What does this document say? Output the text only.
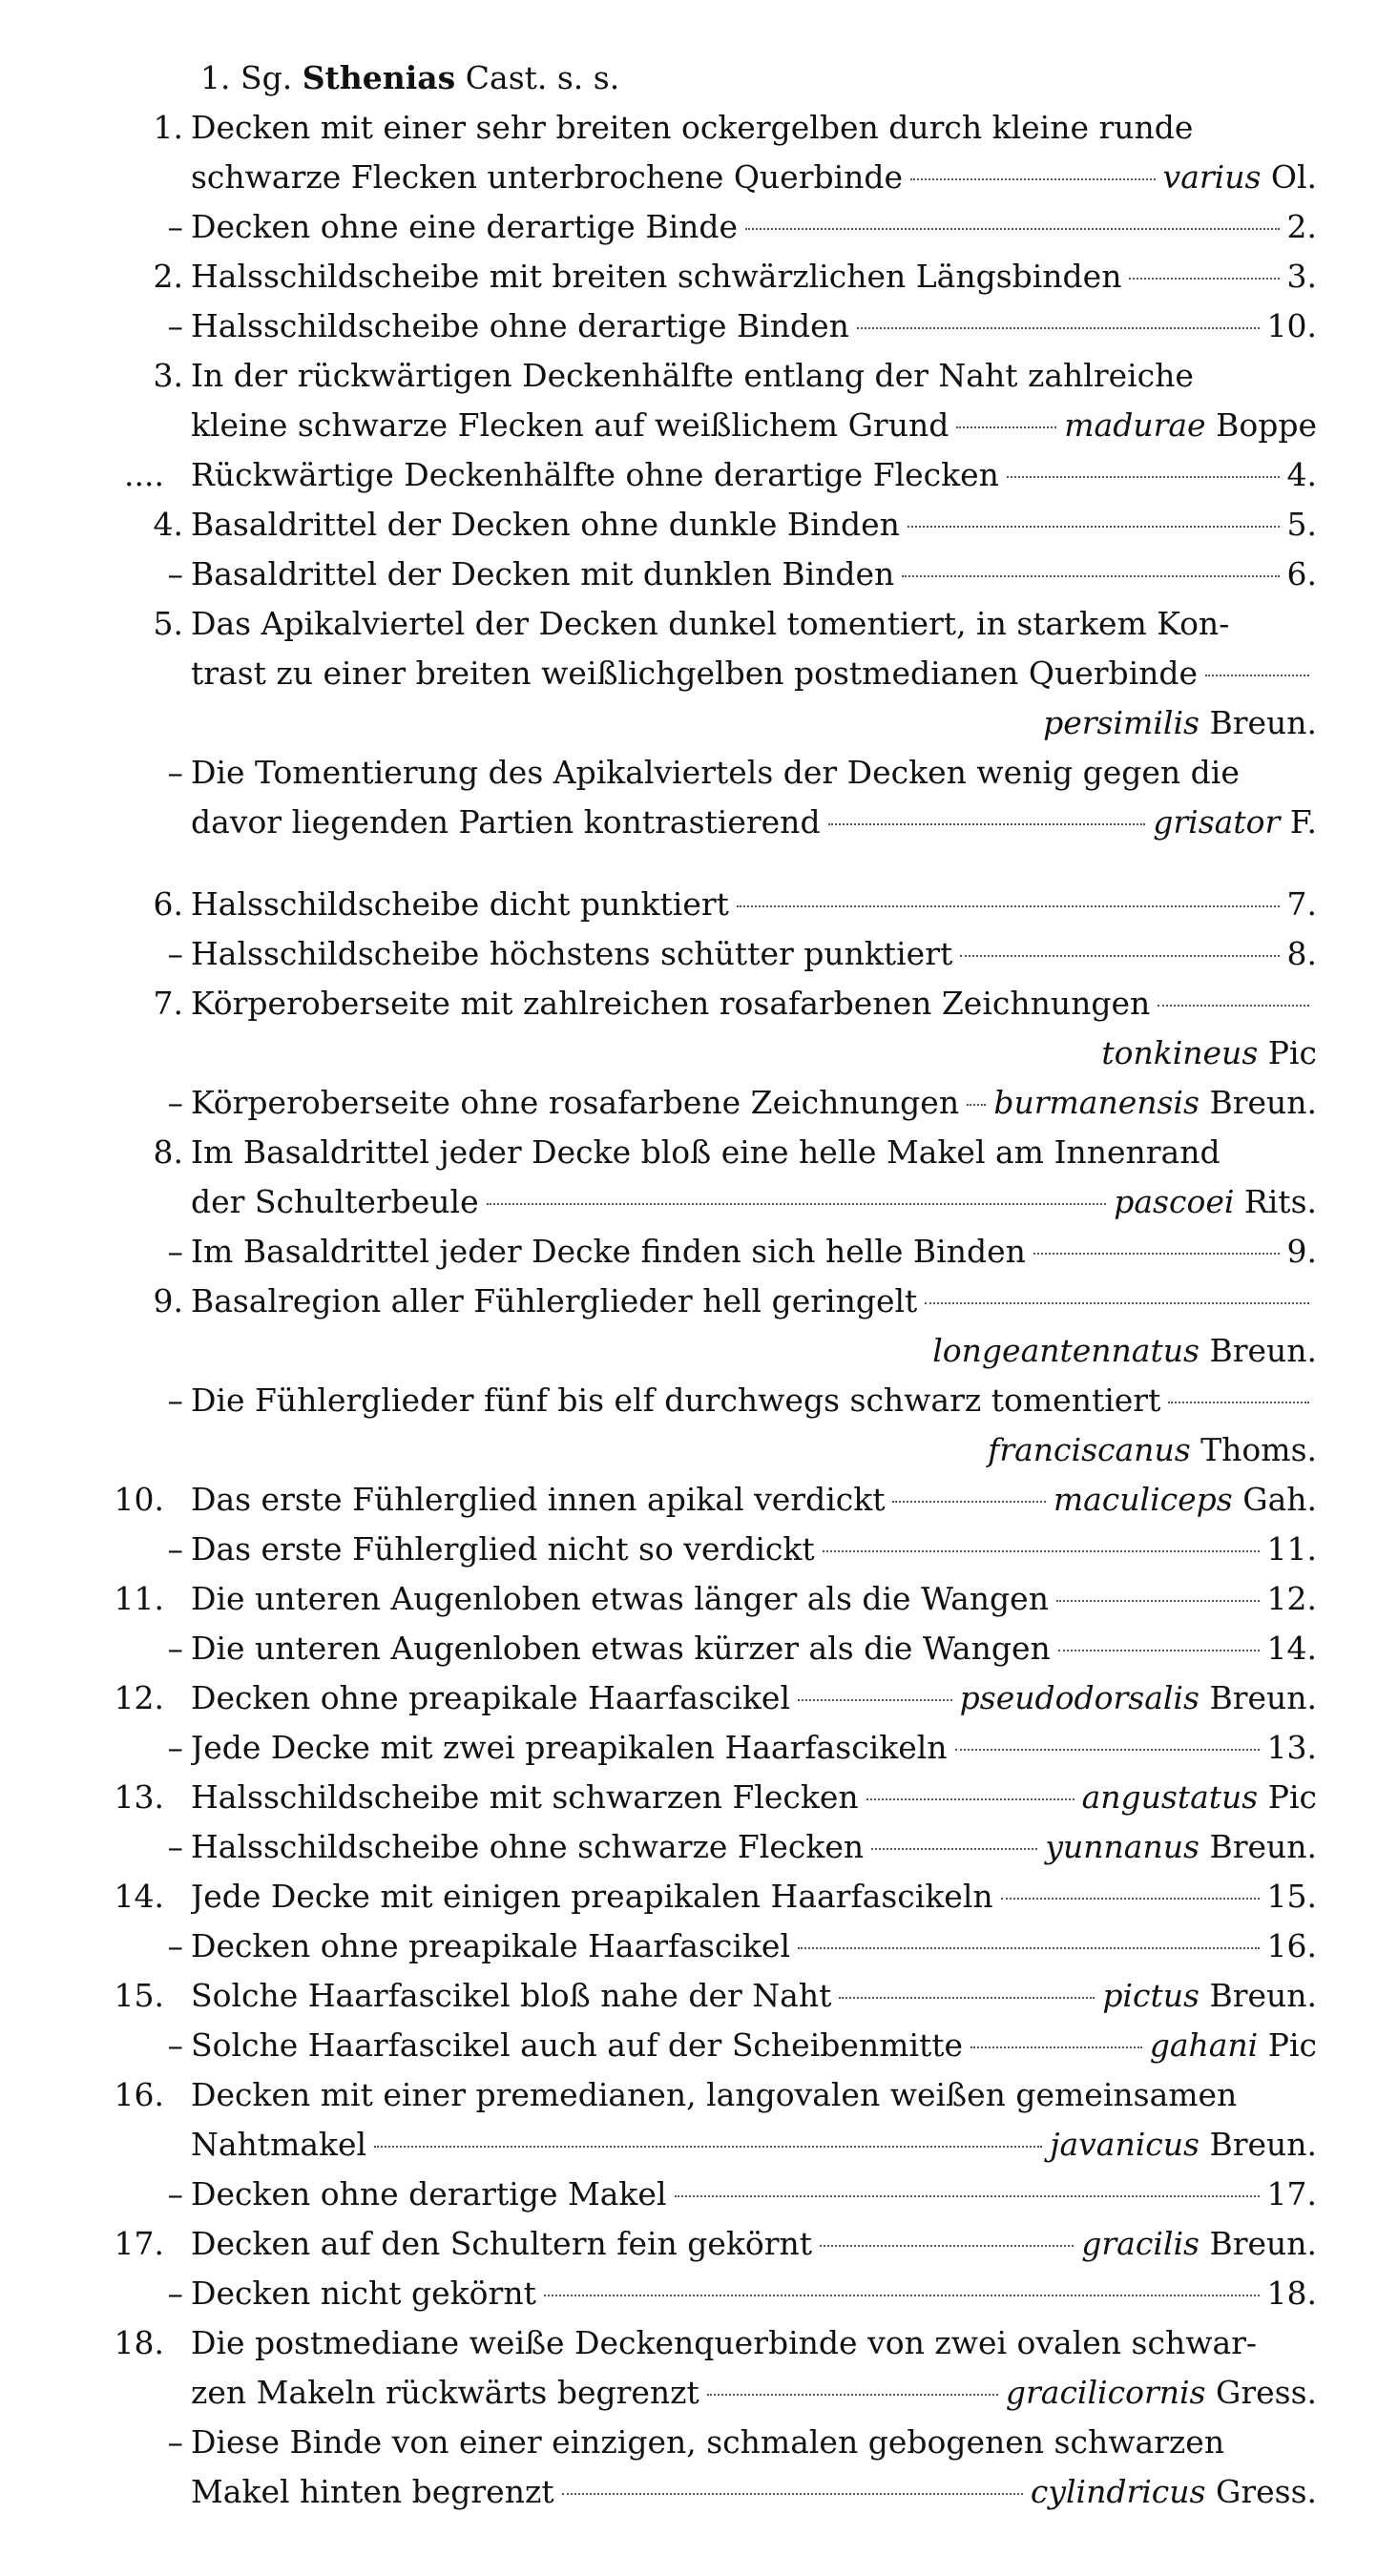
1. Sg. Sthenias Cast. s. s.
1. Decken mit einer sehr breiten ockergelben durch kleine runde
schwarze Flecken unterbrochene Querbinde	varius Ol.
– Decken ohne eine derartige Binde	2.
2. Halsschildscheibe mit breiten schwärzlichen Längsbinden	3.
– Halsschildscheibe ohne derartige Binden	10.
3. In der rückwärtigen Deckenhälfte entlang der Naht zahlreiche
kleine schwarze Flecken auf weißlichem Grund	madurae Boppe
.... Rückwärtige Deckenhälfte ohne derartige Flecken	4.
4. Basaldrittel der Decken ohne dunkle Binden	5.
– Basaldrittel der Decken mit dunklen Binden	6.
5. Das Apikalviertel der Decken dunkel tomentiert, in starkem Kon-
trast zu einer breiten weißlichgelben postmedianen Querbinde
persimilis Breun.
– Die Tomentierung des Apikalviertels der Decken wenig gegen die
davor liegenden Partien kontrastierend	grisator F.
6. Halsschildscheibe dicht punktiert	7.
– Halsschildscheibe höchstens schütter punktiert	8.
7. Körperoberseite mit zahlreichen rosafarbenen Zeichnungen
tonkineus Pic
– Körperoberseite ohne rosafarbene Zeichnungen burmanensis Breun.
8. Im Basaldrittel jeder Decke bloß eine helle Makel am Innenrand
der Schulterbeule	pascoei Rits.
– Im Basaldrittel jeder Decke finden sich helle Binden	9.
9. Basalregion aller Fühlerglieder hell geringelt
longeantennatus Breun.
– Die Fühlerglieder fünf bis elf durchwegs schwarz tomentiert
franciscanus Thoms.
10. Das erste Fühlerglied innen apikal verdickt	maculiceps Gah.
– Das erste Fühlerglied nicht so verdickt	11.
11. Die unteren Augenloben etwas länger als die Wangen	12.
– Die unteren Augenloben etwas kürzer als die Wangen	14.
12. Decken ohne preapikale Haarfascikel	pseudodorsalis Breun.
– Jede Decke mit zwei preapikalen Haarfascikeln	13.
13. Halsschildscheibe mit schwarzen Flecken	angustatus Pic
– Halsschildscheibe ohne schwarze Flecken	yunnanus Breun.
14. Jede Decke mit einigen preapikalen Haarfascikeln	15.
– Decken ohne preapikale Haarfascikel	16.
15. Solche Haarfascikel bloß nahe der Naht	pictus Breun.
– Solche Haarfascikel auch auf der Scheibenmitte	gahani Pic
16. Decken mit einer premedianen, langovalen weißen gemeinsamen
Nahtmakel	javanicus Breun.
– Decken ohne derartige Makel	17.
17. Decken auf den Schultern fein gekörnt	gracilis Breun.
– Decken nicht gekörnt	18.
18. Die postmediane weiße Deckenquerbinde von zwei ovalen schwar-
zen Makeln rückwärts begrenzt	gracilicornis Gress.
– Diese Binde von einer einzigen, schmalen gebogenen schwarzen
Makel hinten begrenzt	cylindricus Gress.
